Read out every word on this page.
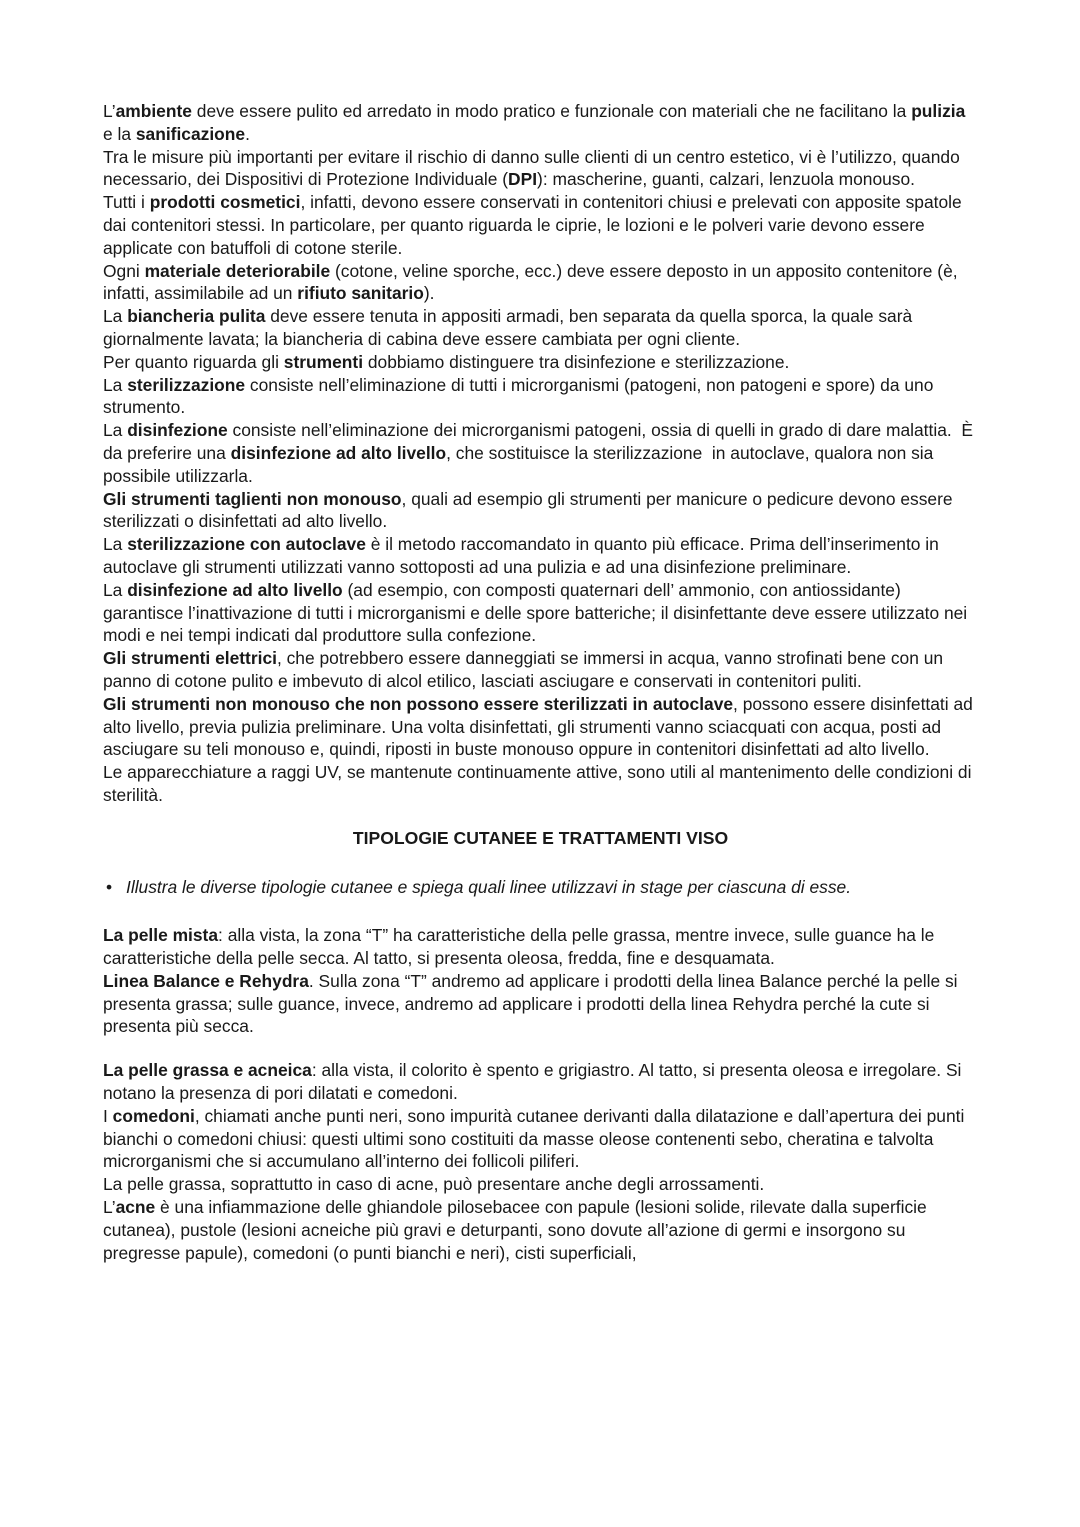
L’ambiente deve essere pulito ed arredato in modo pratico e funzionale con materiali che ne facilitano la pulizia e la sanificazione.

Tra le misure più importanti per evitare il rischio di danno sulle clienti di un centro estetico, vi è l’utilizzo, quando necessario, dei Dispositivi di Protezione Individuale (DPI): mascherine, guanti, calzari, lenzuola monouso.

Tutti i prodotti cosmetici, infatti, devono essere conservati in contenitori chiusi e prelevati con apposite spatole dai contenitori stessi. In particolare, per quanto riguarda le ciprie, le lozioni e le polveri varie devono essere applicate con batuffoli di cotone sterile.

Ogni materiale deteriorabile (cotone, veline sporche, ecc.) deve essere deposto in un apposito contenitore (è, infatti, assimilabile ad un rifiuto sanitario).

La biancheria pulita deve essere tenuta in appositi armadi, ben separata da quella sporca, la quale sarà giornalmente lavata; la biancheria di cabina deve essere cambiata per ogni cliente.

Per quanto riguarda gli strumenti dobbiamo distinguere tra disinfezione e sterilizzazione.

La sterilizzazione consiste nell’eliminazione di tutti i microrganismi (patogeni, non patogeni e spore) da uno strumento.

La disinfezione consiste nell’eliminazione dei microrganismi patogeni, ossia di quelli in grado di dare malattia.  È da preferire una disinfezione ad alto livello, che sostituisce la sterilizzazione  in autoclave, qualora non sia possibile utilizzarla.

Gli strumenti taglienti non monouso, quali ad esempio gli strumenti per manicure o pedicure devono essere sterilizzati o disinfettati ad alto livello.

La sterilizzazione con autoclave è il metodo raccomandato in quanto più efficace. Prima dell’inserimento in autoclave gli strumenti utilizzati vanno sottoposti ad una pulizia e ad una disinfezione preliminare.

La disinfezione ad alto livello (ad esempio, con composti quaternari dell’ ammonio, con antiossidante) garantisce l’inattivazione di tutti i microrganismi e delle spore batteriche; il disinfettante deve essere utilizzato nei modi e nei tempi indicati dal produttore sulla confezione.

Gli strumenti elettrici, che potrebbero essere danneggiati se immersi in acqua, vanno strofinati bene con un panno di cotone pulito e imbevuto di alcol etilico, lasciati asciugare e conservati in contenitori puliti.

Gli strumenti non monouso che non possono essere sterilizzati in autoclave, possono essere disinfettati ad alto livello, previa pulizia preliminare. Una volta disinfettati, gli strumenti vanno sciacquati con acqua, posti ad asciugare su teli monouso e, quindi, riposti in buste monouso oppure in contenitori disinfettati ad alto livello.

Le apparecchiature a raggi UV, se mantenute continuamente attive, sono utili al mantenimento delle condizioni di sterilità.

TIPOLOGIE CUTANEE E TRATTAMENTI VISO

• Illustra le diverse tipologie cutanee e spiega quali linee utilizzavi in stage per ciascuna di esse.

La pelle mista: alla vista, la zona “T” ha caratteristiche della pelle grassa, mentre invece, sulle guance ha le caratteristiche della pelle secca. Al tatto, si presenta oleosa, fredda, fine e desquamata.

Linea Balance e Rehydra. Sulla zona “T” andremo ad applicare i prodotti della linea Balance perché la pelle si presenta grassa; sulle guance, invece, andremo ad applicare i prodotti della linea Rehydra perché la cute si presenta più secca.

La pelle grassa e acneica: alla vista, il colorito è spento e grigiastro. Al tatto, si presenta oleosa e irregolare. Si notano la presenza di pori dilatati e comedoni.

I comedoni, chiamati anche punti neri, sono impurità cutanee derivanti dalla dilatazione e dall’apertura dei punti bianchi o comedoni chiusi: questi ultimi sono costituiti da masse oleose contenenti sebo, cheratina e talvolta microrganismi che si accumulano all’interno dei follicoli piliferi.

La pelle grassa, soprattutto in caso di acne, può presentare anche degli arrossamenti.

L’acne è una infiammazione delle ghiandole pilosebacee con papule (lesioni solide, rilevate dalla superficie cutanea), pustole (lesioni acneiche più gravi e deturpanti, sono dovute all’azione di germi e insorgono su pregresse papule), comedoni (o punti bianchi e neri), cisti superficiali,
